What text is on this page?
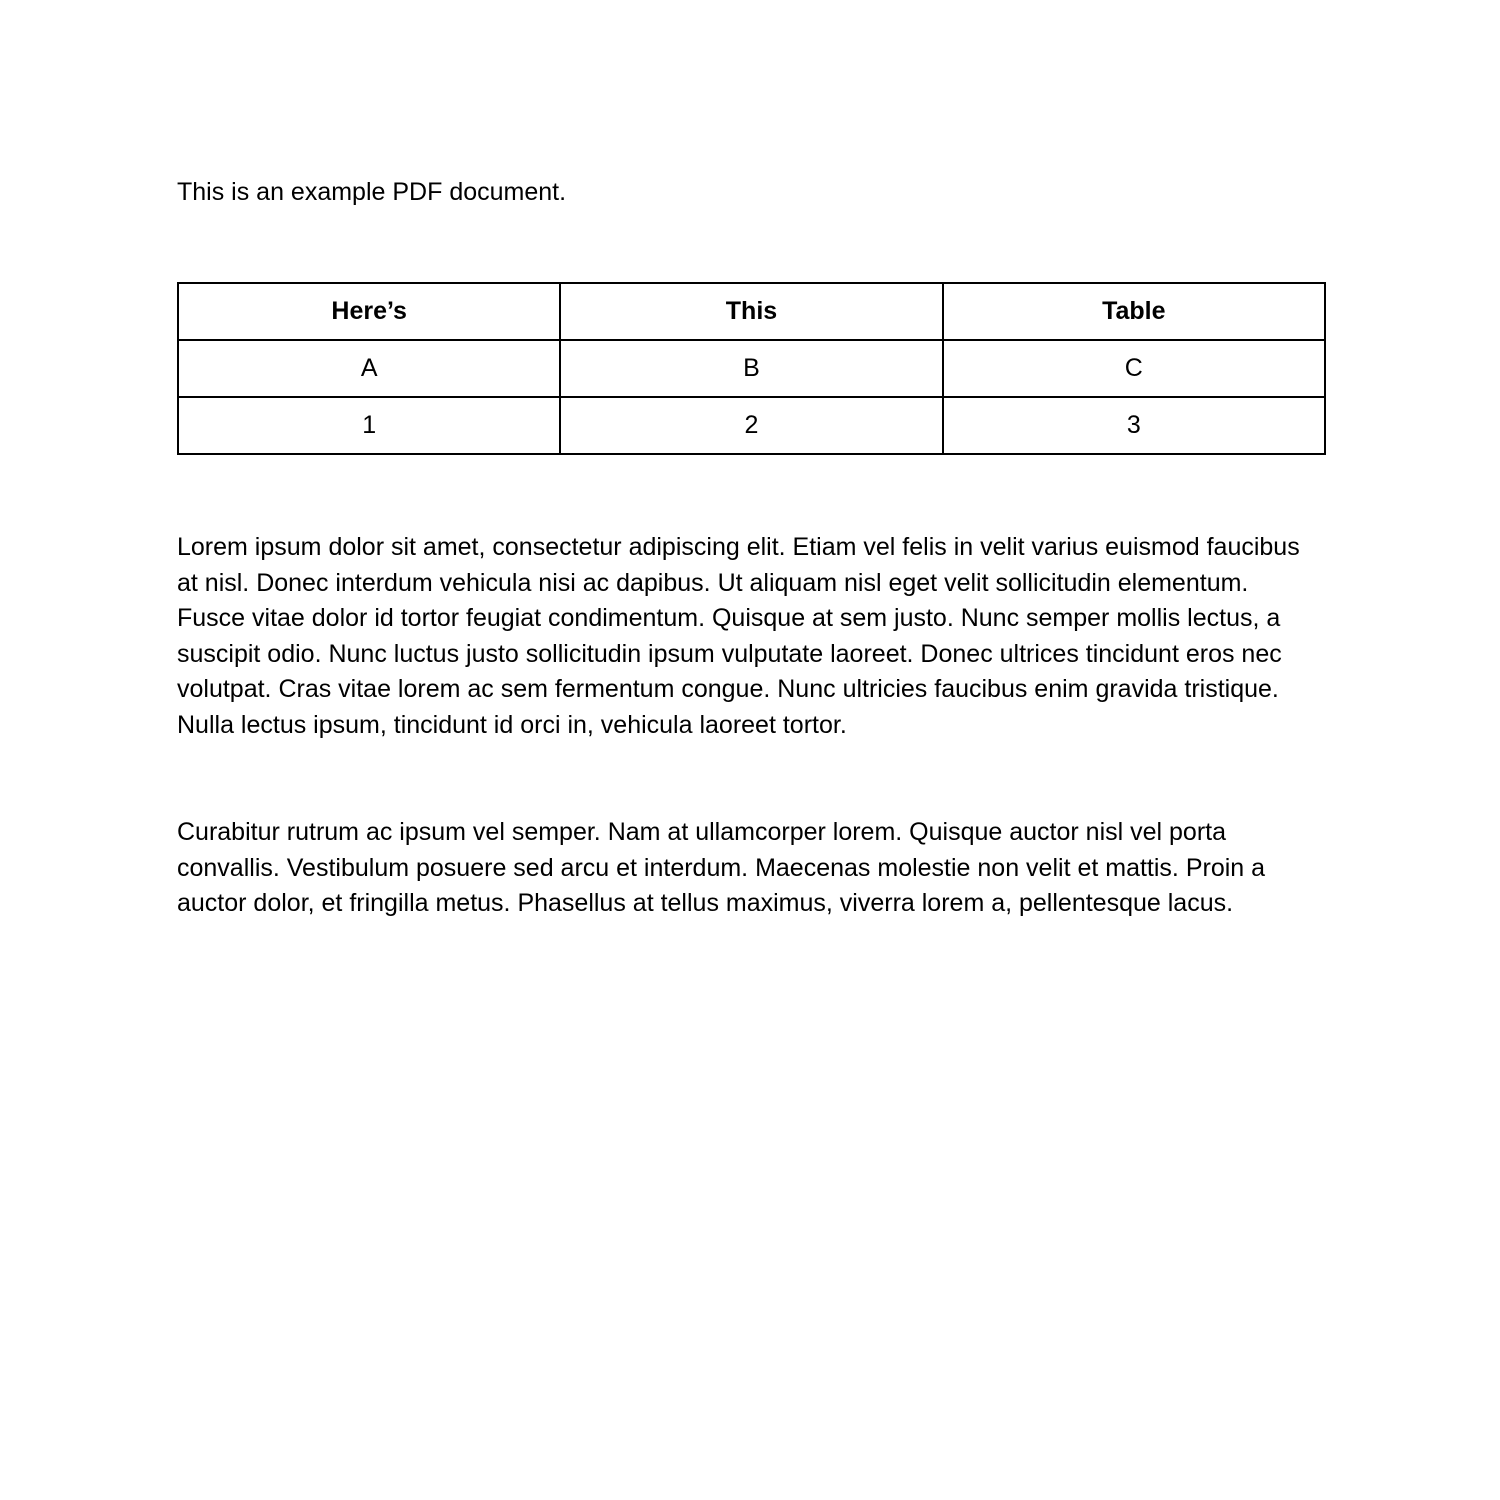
This is an example PDF document.

Here’s	This	Table
A	B	C
1	2	3

Lorem ipsum dolor sit amet, consectetur adipiscing elit. Etiam vel felis in velit varius euismod faucibus at nisl. Donec interdum vehicula nisi ac dapibus. Ut aliquam nisl eget velit sollicitudin elementum. Fusce vitae dolor id tortor feugiat condimentum. Quisque at sem justo. Nunc semper mollis lectus, a suscipit odio. Nunc luctus justo sollicitudin ipsum vulputate laoreet. Donec ultrices tincidunt eros nec volutpat. Cras vitae lorem ac sem fermentum congue. Nunc ultricies faucibus enim gravida tristique. Nulla lectus ipsum, tincidunt id orci in, vehicula laoreet tortor.

Curabitur rutrum ac ipsum vel semper. Nam at ullamcorper lorem. Quisque auctor nisl vel porta convallis. Vestibulum posuere sed arcu et interdum. Maecenas molestie non velit et mattis. Proin a auctor dolor, et fringilla metus. Phasellus at tellus maximus, viverra lorem a, pellentesque lacus.
